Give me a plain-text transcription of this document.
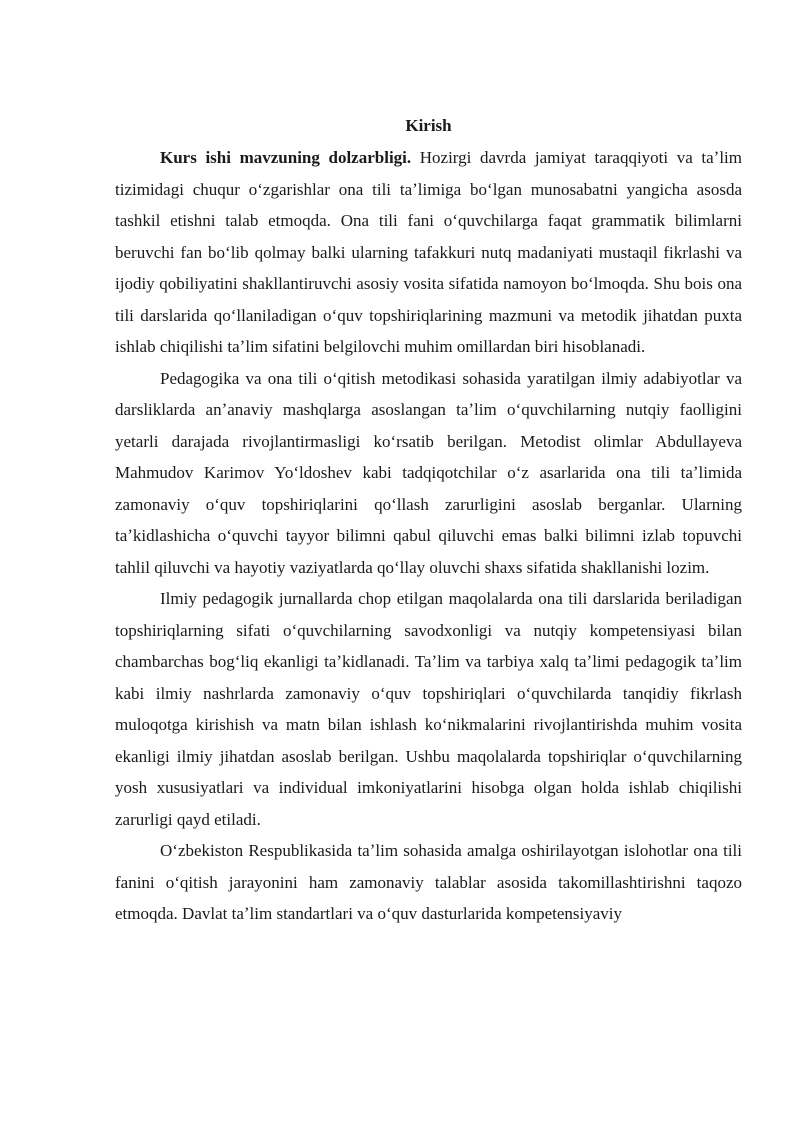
Kirish

Kurs ishi mavzuning dolzarbligi. Hozirgi davrda jamiyat taraqqiyoti va taʼlim tizimidagi chuqur oʻzgarishlar ona tili taʼlimiga boʻlgan munosabatni yangicha asosda tashkil etishni talab etmoqda. Ona tili fani oʻquvchilarga faqat grammatik bilimlarni beruvchi fan boʻlib qolmay balki ularning tafakkuri nutq madaniyati mustaqil fikrlashi va ijodiy qobiliyatini shakllantiruvchi asosiy vosita sifatida namoyon boʻlmoqda. Shu bois ona tili darslarida qoʻllaniladigan oʻquv topshiriqlarining mazmuni va metodik jihatdan puxta ishlab chiqilishi taʼlim sifatini belgilovchi muhim omillardan biri hisoblanadi.

Pedagogika va ona tili oʻqitish metodikasi sohasida yaratilgan ilmiy adabiyotlar va darsliklarda anʼanaviy mashqlarga asoslangan taʼlim oʻquvchilarning nutqiy faolligini yetarli darajada rivojlantirmasligi koʻrsatib berilgan. Metodist olimlar Abdullayeva Mahmudov Karimov Yoʻldoshev kabi tadqiqotchilar oʻz asarlarida ona tili taʼlimida zamonaviy oʻquv topshiriqlarini qoʻllash zarurligini asoslab berganlar. Ularning taʼkidlashicha oʻquvchi tayyor bilimni qabul qiluvchi emas balki bilimni izlab topuvchi tahlil qiluvchi va hayotiy vaziyatlarda qoʻllay oluvchi shaxs sifatida shakllanishi lozim.

Ilmiy pedagogik jurnallarda chop etilgan maqolalarda ona tili darslarida beriladigan topshiriqlarning sifati oʻquvchilarning savodxonligi va nutqiy kompetensiyasi bilan chambarchas bogʻliq ekanligi taʼkidlanadi. Taʼlim va tarbiya xalq taʼlimi pedagogik taʼlim kabi ilmiy nashrlarda zamonaviy oʻquv topshiriqlari oʻquvchilarda tanqidiy fikrlash muloqotga kirishish va matn bilan ishlash koʻnikmalarini rivojlantirishda muhim vosita ekanligi ilmiy jihatdan asoslab berilgan. Ushbu maqolalarda topshiriqlar oʻquvchilarning yosh xususiyatlari va individual imkoniyatlarini hisobga olgan holda ishlab chiqilishi zarurligi qayd etiladi.

Oʻzbekiston Respublikasida taʼlim sohasida amalga oshirilayotgan islohotlar ona tili fanini oʻqitish jarayonini ham zamonaviy talablar asosida takomillashtirishni taqozo etmoqda. Davlat taʼlim standartlari va oʻquv dasturlarida kompetensiyaviy
